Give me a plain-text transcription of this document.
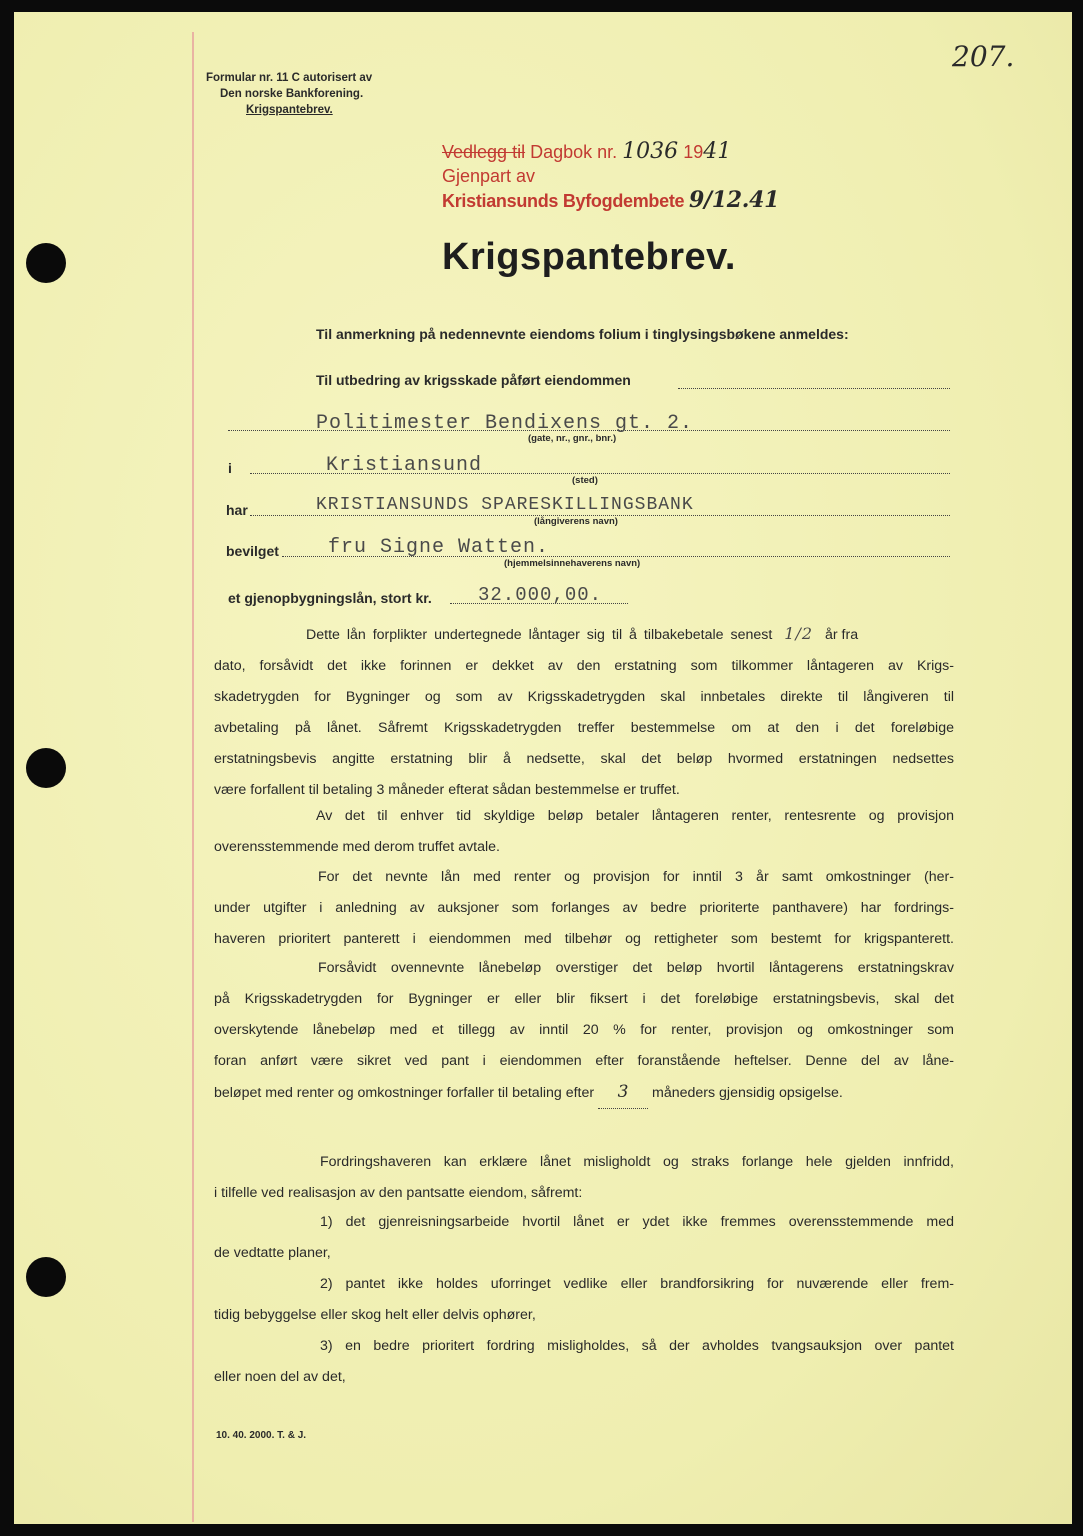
207.
Formular nr. 11 C autorisert av
Den norske Bankforening.
Krigspantebrev.
Vedlegg til Dagbok nr. 1036 1941
Gjenpart av
Kristiansunds Byfogdembete 9/12.41
Krigspantebrev.
Til anmerkning på nedennevnte eiendoms folium i tinglysingsbøkene anmeldes:
Til utbedring av krigsskade påført eiendommen
Politimester Bendixens gt. 2.
(gate, nr., gnr., bnr.)
i	Kristiansund
(sted)
har	KRISTIANSUNDS SPARESKILLINGSBANK
(långiverens navn)
bevilget fru Signe Watten.
(hjemmelsinnehaverens navn)
et gjenopbygningslån, stort kr. 32.000,00.
Dette lån forplikter undertegnede låntager sig til å tilbakebetale senest 1/2 år fra
dato, forsåvidt det ikke forinnen er dekket av den erstatning som tilkommer låntageren av Krigs-
skadetrygden for Bygninger og som av Krigsskadetrygden skal innbetales direkte til långiveren til
avbetaling på lånet. Såfremt Krigsskadetrygden treffer bestemmelse om at den i det foreløbige
erstatningsbevis angitte erstatning blir å nedsette, skal det beløp hvormed erstatningen nedsettes
være forfallent til betaling 3 måneder efterat sådan bestemmelse er truffet.
Av det til enhver tid skyldige beløp betaler låntageren renter, rentesrente og provisjon
overensstemmende med derom truffet avtale.
For det nevnte lån med renter og provisjon for inntil 3 år samt omkostninger (her-
under utgifter i anledning av auksjoner som forlanges av bedre prioriterte panthavere) har fordrings-
haveren prioritert panterett i eiendommen med tilbehør og rettigheter som bestemt for krigspanterett.
Forsåvidt ovennevnte lånebeløp overstiger det beløp hvortil låntagerens erstatningskrav
på Krigsskadetrygden for Bygninger er eller blir fiksert i det foreløbige erstatningsbevis, skal det
overskytende lånebeløp med et tillegg av inntil 20 % for renter, provisjon og omkostninger som
foran anført være sikret ved pant i eiendommen efter foranstående heftelser. Denne del av låne-
beløpet med renter og omkostninger forfaller til betaling efter 3 måneders gjensidig opsigelse.
Fordringshaveren kan erklære lånet misligholdt og straks forlange hele gjelden innfridd,
i tilfelle ved realisasjon av den pantsatte eiendom, såfremt:
1) det gjenreisningsarbeide hvortil lånet er ydet ikke fremmes overensstemmende med
de vedtatte planer,
2) pantet ikke holdes uforringet vedlike eller brandforsikring for nuværende eller frem-
tidig bebyggelse eller skog helt eller delvis ophører,
3) en bedre prioritert fordring misligholdes, så der avholdes tvangsauksjon over pantet
eller noen del av det,
10. 40. 2000. T. & J.
